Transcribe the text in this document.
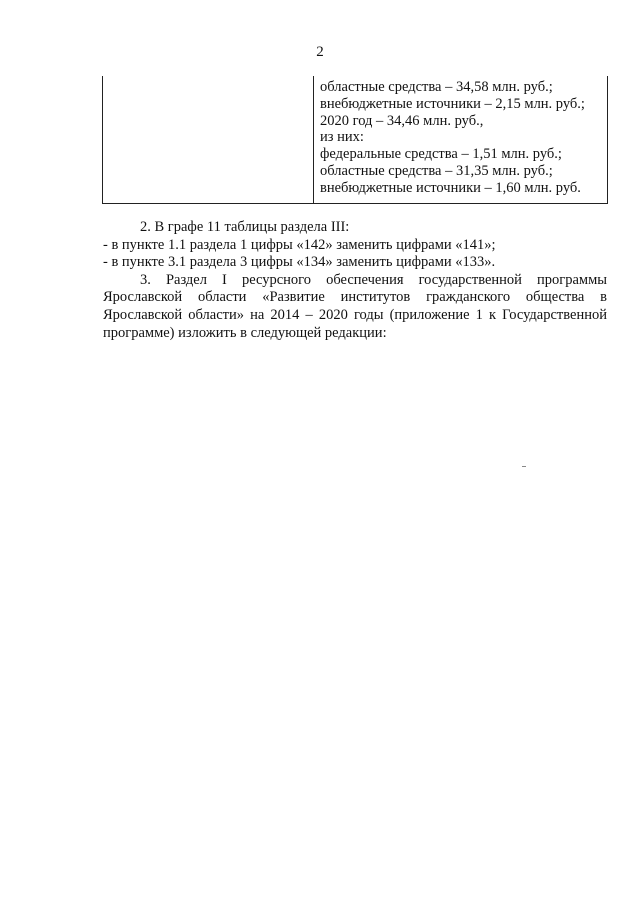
2

областные средства – 34,58 млн. руб.;
внебюджетные источники – 2,15 млн. руб.;
2020 год – 34,46 млн. руб.,
из них:
федеральные средства – 1,51 млн. руб.;
областные средства – 31,35 млн. руб.;
внебюджетные источники – 1,60 млн. руб.

2. В графе 11 таблицы раздела III:

- в пункте 1.1 раздела 1 цифры «142» заменить цифрами «141»;

- в пункте 3.1 раздела 3 цифры «134» заменить цифрами «133».

3. Раздел I ресурсного обеспечения государственной программы Ярославской области «Развитие институтов гражданского общества в Ярославской области» на 2014 – 2020 годы (приложение 1 к Государственной программе) изложить в следующей редакции:
